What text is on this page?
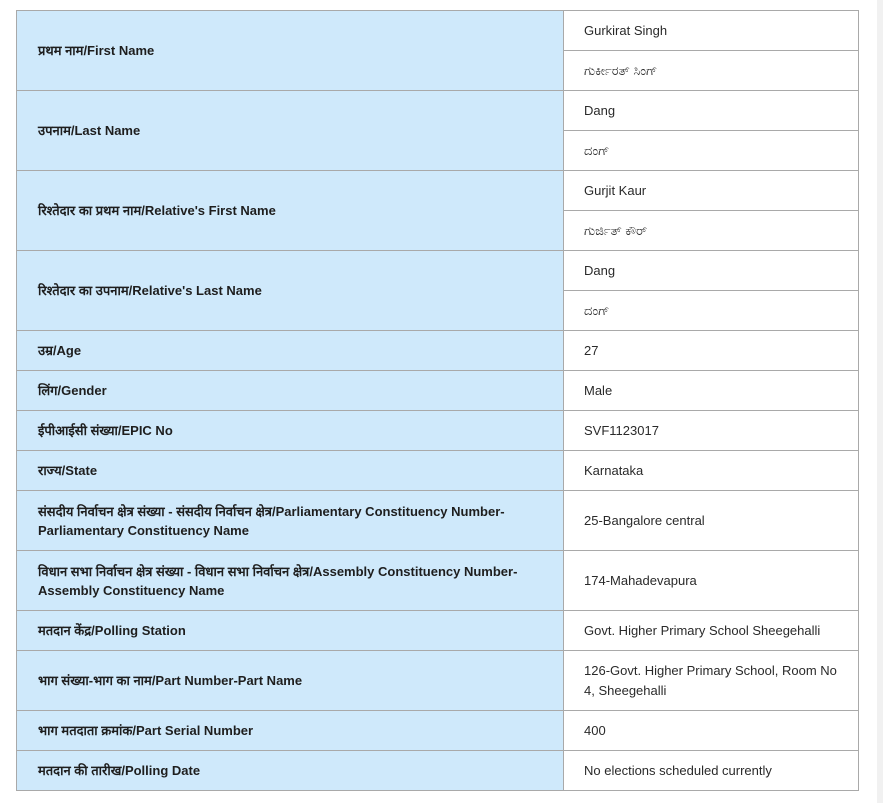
प्रथम नाम/First Name	Gurkirat Singh
	ಗುರ್ಕೀರತ್ ಸಿಂಗ್
उपनाम/Last Name	Dang
	ದಂಗ್
रिश्तेदार का प्रथम नाम/Relative's First Name	Gurjit Kaur
	ಗುರ್ಜಿತ್ ಕೌರ್
रिश्तेदार का उपनाम/Relative's Last Name	Dang
	ದಂಗ್
उम्र/Age	27
लिंग/Gender	Male
ईपीआईसी संख्या/EPIC No	SVF1123017
राज्य/State	Karnataka
संसदीय निर्वाचन क्षेत्र संख्या - संसदीय निर्वाचन क्षेत्र/Parliamentary Constituency Number-Parliamentary Constituency Name	25-Bangalore central
विधान सभा निर्वाचन क्षेत्र संख्या - विधान सभा निर्वाचन क्षेत्र/Assembly Constituency Number-Assembly Constituency Name	174-Mahadevapura
मतदान केंद्र/Polling Station	Govt. Higher Primary School Sheegehalli
भाग संख्या-भाग का नाम/Part Number-Part Name	126-Govt. Higher Primary School, Room No 4, Sheegehalli
भाग मतदाता क्रमांक/Part Serial Number	400
मतदान की तारीख/Polling Date	No elections scheduled currently
